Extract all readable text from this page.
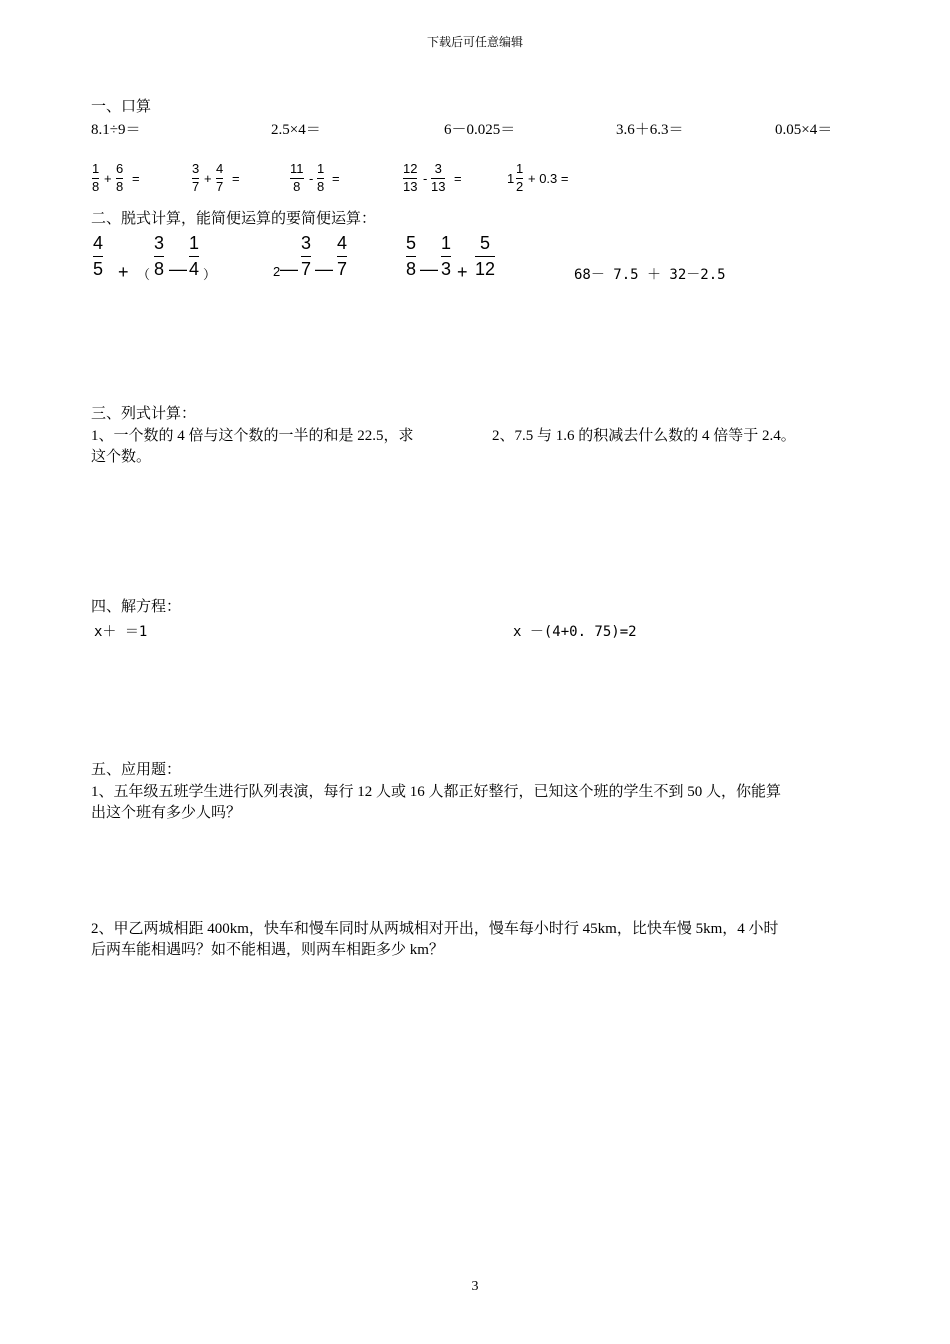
下载后可任意编辑
一、口算
8.1÷9＝	2.5×4＝	6－0.025＝	3.6＋6.3＝	0.05×4＝
1
8
+
6
8
=
3
7
+
4
7
=
11
8
-
1
8
=
12
13
-
3
13
=	1
1
2
+ 0.3 =
二、脱式计算，能简便运算的要简便运算：
4
5 + （
3
8 —
1
4 ）	2 —
3
7 —
4
7
5
8 —
1
3 +
5
12	68－ 7.5 ＋ 32－2.5
三、列式计算：
1、一个数的 4 倍与这个数的一半的和是 22.5，求
这个数。
2、7.5 与 1.6 的积减去什么数的 4 倍等于 2.4。
四、解方程：
x＋ ＝1	x －(4+0. 75)=2
五、应用题：
1、五年级五班学生进行队列表演，每行 12 人或 16 人都正好整行，已知这个班的学生不到 50 人，你能算
出这个班有多少人吗？
2、甲乙两城相距 400km，快车和慢车同时从两城相对开出，慢车每小时行 45km，比快车慢 5km，4 小时
后两车能相遇吗？如不能相遇，则两车相距多少 km？
3
